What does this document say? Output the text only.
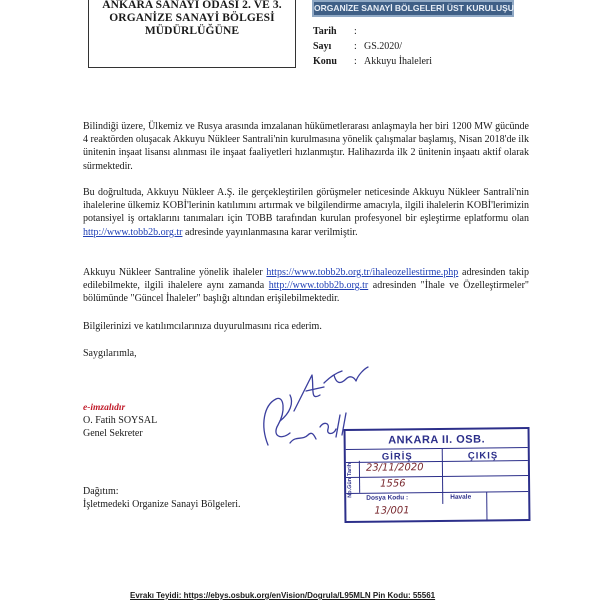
ANKARA SANAYİ ODASI 2. VE 3.
ORGANİZE SANAYİ BÖLGESİ
MÜDÜRLÜĞÜNE
ORGANİZE SANAYİ BÖLGELERİ ÜST KURULUŞU
Tarih :
Sayı : GS.2020/
Konu : Akkuyu İhaleleri

Bilindiği üzere, Ülkemiz ve Rusya arasında imzalanan hükümetlerarası anlaşmayla her biri 1200 MW gücünde 4 reaktörden oluşacak Akkuyu Nükleer Santrali'nin kurulmasına yönelik çalışmalar başlamış, Nisan 2018'de ilk ünitenin inşaat lisansı alınması ile inşaat faaliyetleri hızlanmıştır. Halihazırda ilk 2 ünitenin inşaatı aktif olarak sürmektedir.

Bu doğrultuda, Akkuyu Nükleer A.Ş. ile gerçekleştirilen görüşmeler neticesinde Akkuyu Nükleer Santrali'nin ihalelerine ülkemiz KOBİ'lerinin katılımını artırmak ve bilgilendirme amacıyla, ilgili ihalelerin KOBİ'lerimizin potansiyel iş ortaklarını tanımaları için TOBB tarafından kurulan profesyonel bir eşleştirme eplatformu olan http://www.tobb2b.org.tr adresinde yayınlanmasına karar verilmiştir.

Akkuyu Nükleer Santraline yönelik ihaleler https://www.tobb2b.org.tr/ihaleozellestirme.php adresinden takip edilebilmekte, ilgili ihalelere aynı zamanda http://www.tobb2b.org.tr adresinden "İhale ve Özelleştirmeler" bölümünde "Güncel İhaleler" başlığı altından erişilebilmektedir.

Bilgilerinizi ve katılımcılarınıza duyurulmasını rica ederim.

Saygılarımla,

e-imzalıdır
O. Fatih SOYSAL
Genel Sekreter	ANKARA II. OSB.
GİRİŞ	ÇIKIŞ
Tarih
No.Gün
23/11/2020
1556
Dosya Kodu :
13/001
Havale
Dağıtım:
İşletmedeki Organize Sanayi Bölgeleri.
Evrakı Teyidi: https://ebys.osbuk.org/enVision/Dogrula/L95MLN Pin Kodu: 55561
